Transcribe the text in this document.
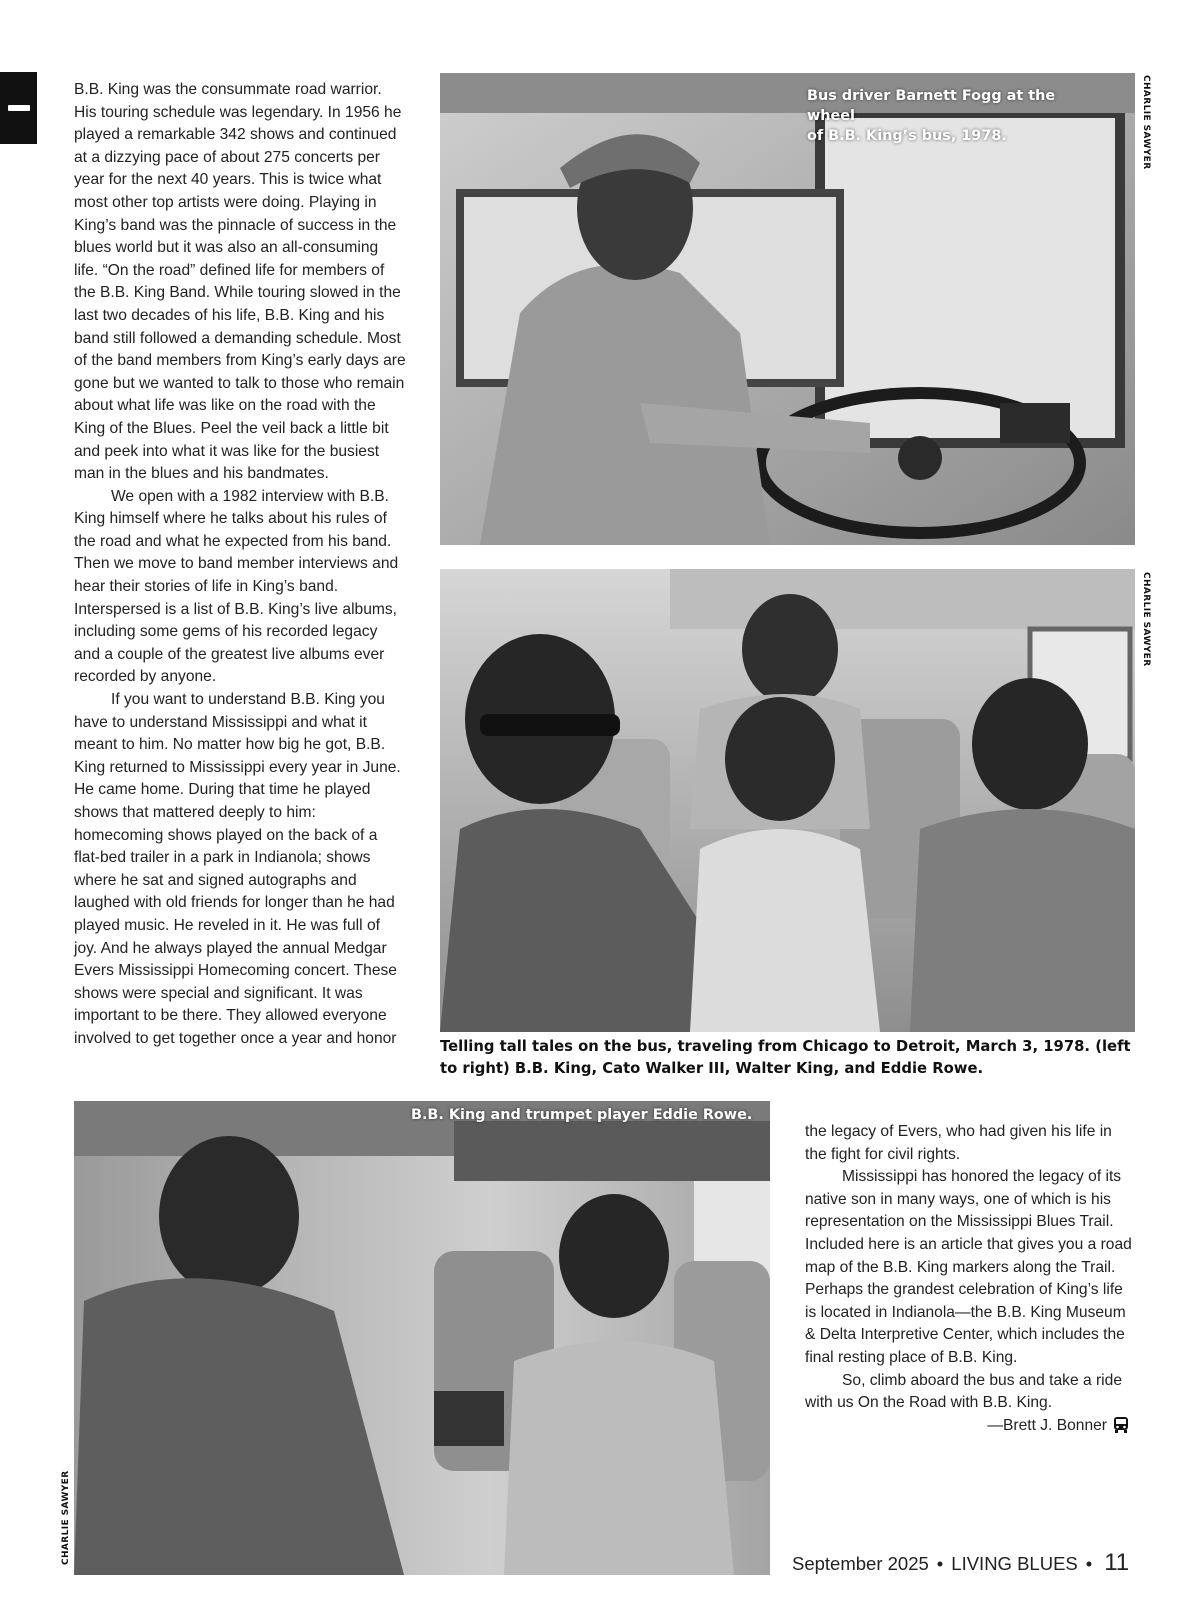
B.B. King was the consummate road warrior. His touring schedule was legendary. In 1956 he played a remarkable 342 shows and continued at a dizzying pace of about 275 concerts per year for the next 40 years. This is twice what most other top artists were doing. Playing in King’s band was the pinnacle of success in the blues world but it was also an all-consuming life. “On the road” defined life for members of the B.B. King Band. While touring slowed in the last two decades of his life, B.B. King and his band still followed a demanding schedule. Most of the band members from King’s early days are gone but we wanted to talk to those who remain about what life was like on the road with the King of the Blues. Peel the veil back a little bit and peek into what it was like for the busiest man in the blues and his bandmates.

We open with a 1982 interview with B.B. King himself where he talks about his rules of the road and what he expected from his band. Then we move to band member interviews and hear their stories of life in King’s band. Interspersed is a list of B.B. King’s live albums, including some gems of his recorded legacy and a couple of the greatest live albums ever recorded by anyone.

If you want to understand B.B. King you have to understand Mississippi and what it meant to him. No matter how big he got, B.B. King returned to Mississippi every year in June. He came home. During that time he played shows that mattered deeply to him: homecoming shows played on the back of a flat-bed trailer in a park in Indianola; shows where he sat and signed autographs and laughed with old friends for longer than he had played music. He reveled in it. He was full of joy. And he always played the annual Medgar Evers Mississippi Homecoming concert. These shows were special and significant. It was important to be there. They allowed everyone involved to get together once a year and honor

Bus driver Barnett Fogg at the wheel
of B.B. King’s bus, 1978.	CHARLIE SAWYER
CHARLIE SAWYER
Telling tall tales on the bus, traveling from Chicago to Detroit, March 3, 1978. (left to right) B.B. King, Cato Walker III, Walter King, and Eddie Rowe.
B.B. King and trumpet player Eddie Rowe.
CHARLIE SAWYER

the legacy of Evers, who had given his life in the fight for civil rights.

Mississippi has honored the legacy of its native son in many ways, one of which is his representation on the Mississippi Blues Trail. Included here is an article that gives you a road map of the B.B. King markers along the Trail. Perhaps the grandest celebration of King’s life is located in Indianola—the B.B. King Museum & Delta Interpretive Center, which includes the final resting place of B.B. King.

So, climb aboard the bus and take a ride with us On the Road with B.B. King.

—Brett J. Bonner

September 2025 • LIVING BLUES • 11
